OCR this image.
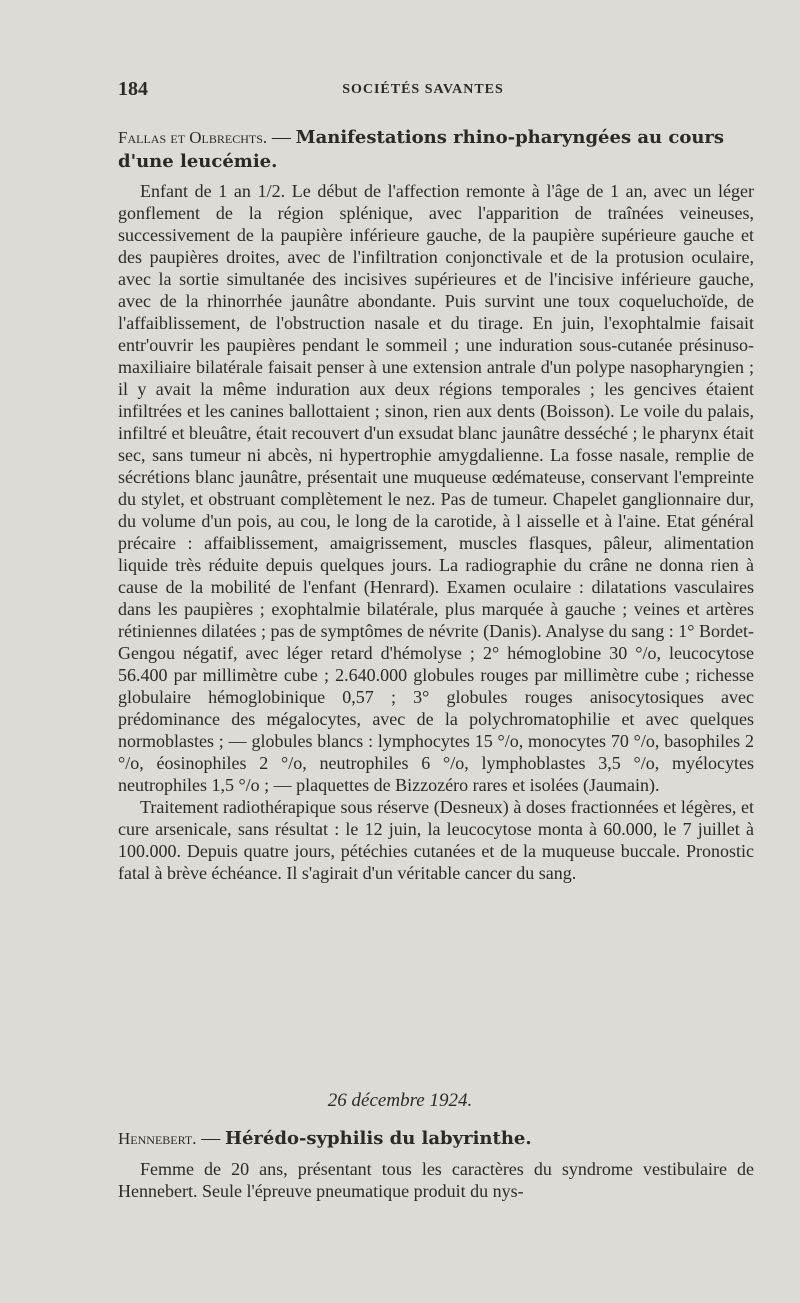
184	SOCIÉTÉS SAVANTES
Fallas et Olbrechts. — Manifestations rhino-pharyngées au cours d'une leucémie.

Enfant de 1 an 1/2. Le début de l'affection remonte à l'âge de 1 an, avec un léger gonflement de la région splénique, avec l'apparition de traînées veineuses, successivement de la paupière inférieure gauche, de la paupière supérieure gauche et des paupières droites, avec de l'infiltration conjonctivale et de la protusion oculaire, avec la sortie simultanée des incisives supérieures et de l'incisive inférieure gauche, avec de la rhinorrhée jaunâtre abondante. Puis survint une toux coqueluchoïde, de l'affaiblissement, de l'obstruction nasale et du tirage. En juin, l'exophtalmie faisait entr'ouvrir les paupières pendant le sommeil ; une induration sous-cutanée présinuso-maxiliaire bilatérale faisait penser à une extension antrale d'un polype nasopharyngien ; il y avait la même induration aux deux régions temporales ; les gencives étaient infiltrées et les canines ballottaient ; sinon, rien aux dents (Boisson). Le voile du palais, infiltré et bleuâtre, était recouvert d'un exsudat blanc jaunâtre desséché ; le pharynx était sec, sans tumeur ni abcès, ni hypertrophie amygdalienne. La fosse nasale, remplie de sécrétions blanc jaunâtre, présentait une muqueuse œdémateuse, conservant l'empreinte du stylet, et obstruant complètement le nez. Pas de tumeur. Chapelet ganglionnaire dur, du volume d'un pois, au cou, le long de la carotide, à l aisselle et à l'aine. Etat général précaire : affaiblissement, amaigrissement, muscles flasques, pâleur, alimentation liquide très réduite depuis quelques jours. La radiographie du crâne ne donna rien à cause de la mobilité de l'enfant (Henrard). Examen oculaire : dilatations vasculaires dans les paupières ; exophtalmie bilatérale, plus marquée à gauche ; veines et artères rétiniennes dilatées ; pas de symptômes de névrite (Danis). Analyse du sang : 1° Bordet-Gengou négatif, avec léger retard d'hémolyse ; 2° hémoglobine 30 °/o, leucocytose 56.400 par millimètre cube ; 2.640.000 globules rouges par millimètre cube ; richesse globulaire hémoglobinique 0,57 ; 3° globules rouges anisocytosiques avec prédominance des mégalocytes, avec de la polychromatophilie et avec quelques normoblastes ; — globules blancs : lymphocytes 15 °/o, monocytes 70 °/o, basophiles 2 °/o, éosinophiles 2 °/o, neutrophiles 6 °/o, lymphoblastes 3,5 °/o, myélocytes neutrophiles 1,5 °/o ; — plaquettes de Bizzozéro rares et isolées (Jaumain).

Traitement radiothérapique sous réserve (Desneux) à doses fractionnées et légères, et cure arsenicale, sans résultat : le 12 juin, la leucocytose monta à 60.000, le 7 juillet à 100.000. Depuis quatre jours, pétéchies cutanées et de la muqueuse buccale. Pronostic fatal à brève échéance. Il s'agirait d'un véritable cancer du sang.

26 décembre 1924.
Hennebert. — Hérédo-syphilis du labyrinthe.

Femme de 20 ans, présentant tous les caractères du syndrome vestibulaire de Hennebert. Seule l'épreuve pneumatique produit du nys-
